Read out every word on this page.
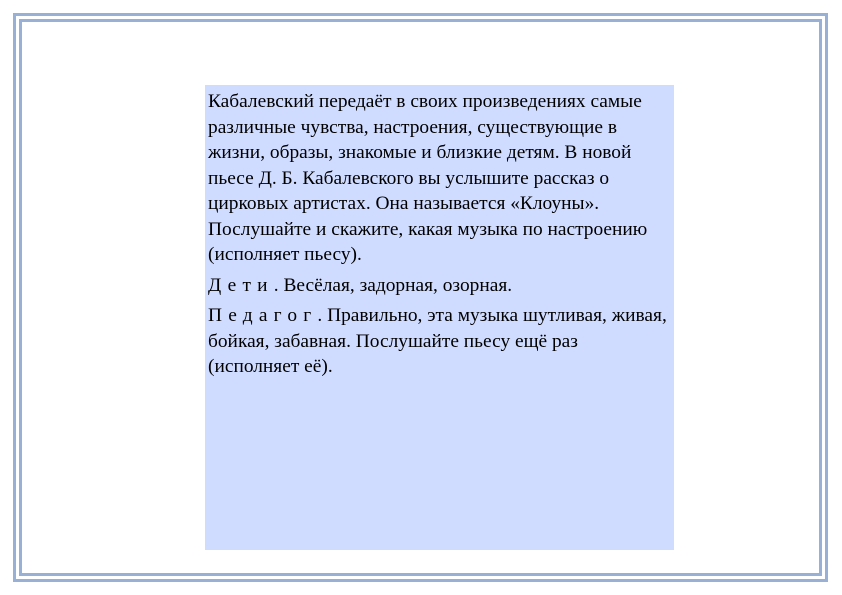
Кабалевский передаёт в своих произведениях самые различные чувства, настроения, существующие в жизни, образы, знакомые и близкие детям. В новой пьесе Д. Б. Кабалевского вы услышите рассказ о цирковых артистах. Она называется «Клоуны». Послушайте и скажите, какая музыка по настроению (исполняет пьесу).

Дети. Весёлая, задорная, озорная.

Педагог. Правильно, эта музыка шутливая, живая, бойкая, забавная. Послушайте пьесу ещё раз (исполняет её).
